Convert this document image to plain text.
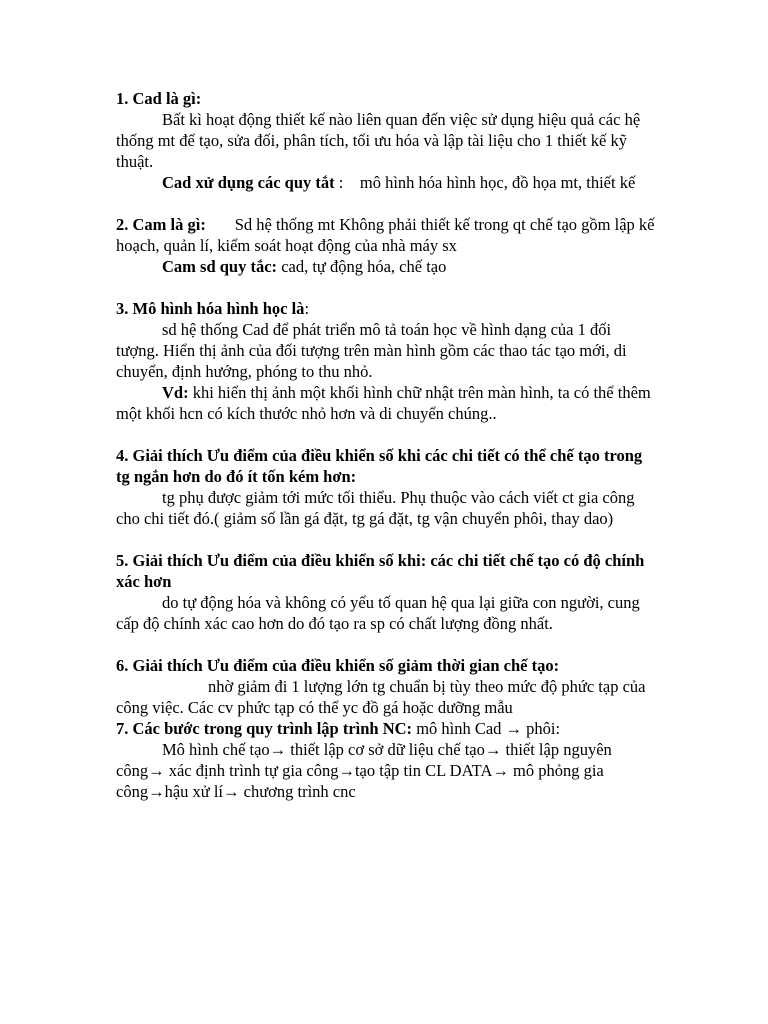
1. Cad là gì:

Bất kì hoạt động thiết kế nào liên quan đến việc sử dụng hiệu quả các hệ thống mt để tạo, sửa đối, phân tích, tối ưu hóa và lập tài liệu cho 1 thiết kế kỹ thuật.

Cad xử dụng các quy tắt : mô hình hóa hình học, đồ họa mt, thiết kế

2. Cam là gì: Sd hệ thống mt Không phải thiết kế trong qt chế tạo gồm lập kế hoạch, quản lí, kiểm soát hoạt động của nhà máy sx

Cam sd quy tắc: cad, tự động hóa, chế tạo

3. Mô hình hóa hình học là:

sd hệ thống Cad để phát triển mô tả toán học về hình dạng của 1 đối tượng. Hiển thị ảnh của đối tượng trên màn hình gồm các thao tác tạo mới, di chuyển, định hướng, phóng to thu nhỏ.

Vd: khi hiển thị ảnh một khối hình chữ nhật trên màn hình, ta có thể thêm một khối hcn có kích thước nhỏ hơn và di chuyển chúng..

4. Giải thích Ưu điểm của điều khiển số khi các chi tiết có thể chế tạo trong tg ngắn hơn do đó ít tốn kém hơn:

tg phụ được giảm tới mức tối thiểu. Phụ thuộc vào cách viết ct gia công cho chi tiết đó.( giảm số lần gá đặt, tg gá đặt, tg vận chuyển phôi, thay dao)

5. Giải thích Ưu điểm của điều khiển số khi: các chi tiết chế tạo có độ chính xác hơn

do tự động hóa và không có yếu tố quan hệ qua lại giữa con người, cung cấp độ chính xác cao hơn do đó tạo ra sp có chất lượng đồng nhất.

6. Giải thích Ưu điểm của điều khiển số giảm thời gian chế tạo:

nhờ giảm đi 1 lượng lớn tg chuẩn bị tùy theo mức độ phức tạp của công việc. Các cv phức tạp có thể yc đồ gá hoặc dưỡng mẫu

7. Các bước trong quy trình lập trình NC: mô hình Cad → phôi:

Mô hình chế tạo→ thiết lập cơ sở dữ liệu chế tạo→ thiết lập nguyên công→ xác định trình tự gia công→tạo tập tin CL DATA→ mô phỏng gia công→hậu xử lí→ chương trình cnc
